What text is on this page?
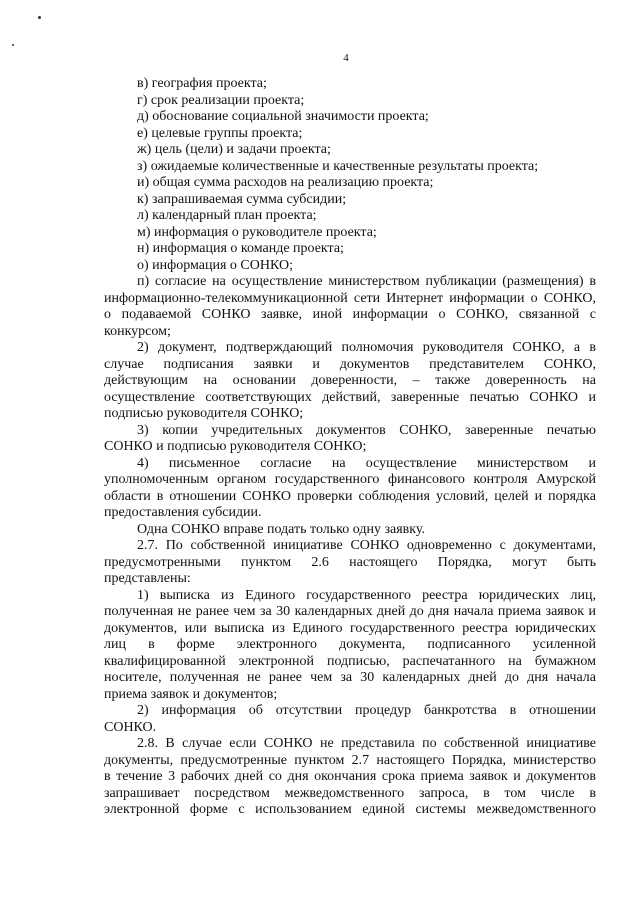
4

в) география проекта;

г) срок реализации проекта;

д) обоснование социальной значимости проекта;

е) целевые группы проекта;

ж) цель (цели) и задачи проекта;

з) ожидаемые количественные и качественные результаты проекта;

и) общая сумма расходов на реализацию проекта;

к) запрашиваемая сумма субсидии;

л) календарный план проекта;

м) информация о руководителе проекта;

н) информация о команде проекта;

о) информация о СОНКО;

п) согласие на осуществление министерством публикации (размещения) в

информационно-телекоммуникационной сети Интернет информации о СОНКО,

о подаваемой СОНКО заявке, иной информации о СОНКО, связанной с

конкурсом;

2) документ, подтверждающий полномочия руководителя СОНКО, а в

случае подписания заявки и документов представителем СОНКО,

действующим на основании доверенности, – также доверенность на

осуществление соответствующих действий, заверенные печатью СОНКО и

подписью руководителя СОНКО;

3) копии учредительных документов СОНКО, заверенные печатью

СОНКО и подписью руководителя СОНКО;

4) письменное согласие на осуществление министерством и

уполномоченным органом государственного финансового контроля Амурской

области в отношении СОНКО проверки соблюдения условий, целей и порядка

предоставления субсидии.

Одна СОНКО вправе подать только одну заявку.

2.7. По собственной инициативе СОНКО одновременно с документами,

предусмотренными пунктом 2.6 настоящего Порядка, могут быть

представлены:

1) выписка из Единого государственного реестра юридических лиц,

полученная не ранее чем за 30 календарных дней до дня начала приема заявок и

документов, или выписка из Единого государственного реестра юридических

лиц в форме электронного документа, подписанного усиленной

квалифицированной электронной подписью, распечатанного на бумажном

носителе, полученная не ранее чем за 30 календарных дней до дня начала

приема заявок и документов;

2) информация об отсутствии процедур банкротства в отношении

СОНКО.

2.8. В случае если СОНКО не представила по собственной инициативе

документы, предусмотренные пунктом 2.7 настоящего Порядка, министерство

в течение 3 рабочих дней со дня окончания срока приема заявок и документов

запрашивает посредством межведомственного запроса, в том числе в

электронной форме с использованием единой системы межведомственного
